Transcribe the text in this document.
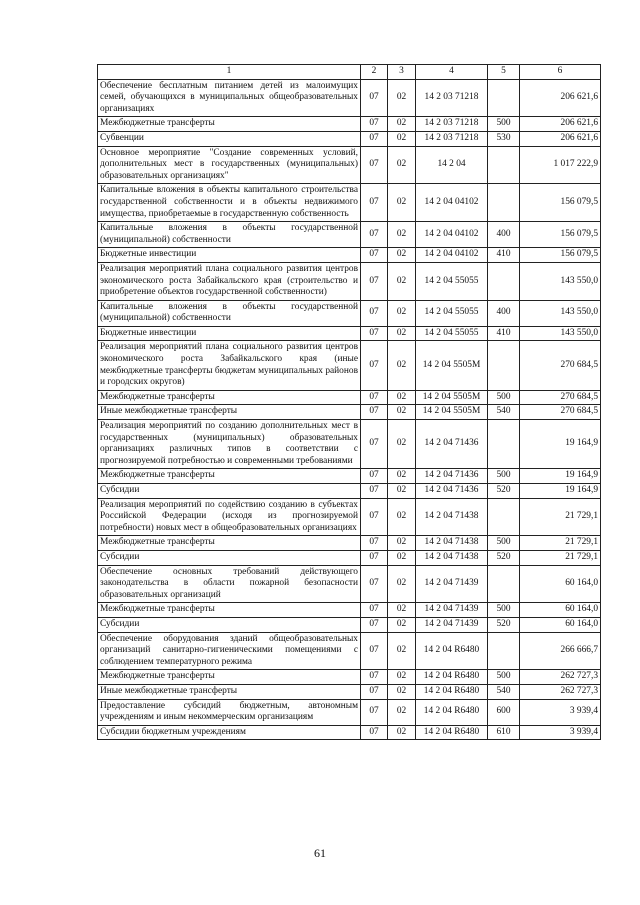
1	2	3	4	5	6
Обеспечение бесплатным питанием детей из малоимущих семей, обучающихся в муниципальных общеобразовательных организациях	07	02	14 2 03 71218		206 621,6
Межбюджетные трансферты	07	02	14 2 03 71218	500	206 621,6
Субвенции	07	02	14 2 03 71218	530	206 621,6
Основное мероприятие "Создание современных условий, дополнительных мест в государственных (муниципальных) образовательных организациях"	07	02	14 2 04		1 017 222,9
Капитальные вложения в объекты капитального строительства государственной собственности и в объекты недвижимого имущества, приобретаемые в государственную собственность	07	02	14 2 04 04102		156 079,5
Капитальные вложения в объекты государственной (муниципальной) собственности	07	02	14 2 04 04102	400	156 079,5
Бюджетные инвестиции	07	02	14 2 04 04102	410	156 079,5
Реализация мероприятий плана социального развития центров экономического роста Забайкальского края (строительство и приобретение объектов государственной собственности)	07	02	14 2 04 55055		143 550,0
Капитальные вложения в объекты государственной (муниципальной) собственности	07	02	14 2 04 55055	400	143 550,0
Бюджетные инвестиции	07	02	14 2 04 55055	410	143 550,0
Реализация мероприятий плана социального развития центров экономического роста Забайкальского края (иные межбюджетные трансферты бюджетам муниципальных районов и городских округов)	07	02	14 2 04 5505М		270 684,5
Межбюджетные трансферты	07	02	14 2 04 5505М	500	270 684,5
Иные межбюджетные трансферты	07	02	14 2 04 5505М	540	270 684,5
Реализация мероприятий по созданию дополнительных мест в государственных (муниципальных) образовательных организациях различных типов в соответствии с прогнозируемой потребностью и современными требованиями	07	02	14 2 04 71436		19 164,9
Межбюджетные трансферты	07	02	14 2 04 71436	500	19 164,9
Субсидии	07	02	14 2 04 71436	520	19 164,9
Реализация мероприятий по содействию созданию в субъектах Российской Федерации (исходя из прогнозируемой потребности) новых мест в общеобразовательных организациях	07	02	14 2 04 71438		21 729,1
Межбюджетные трансферты	07	02	14 2 04 71438	500	21 729,1
Субсидии	07	02	14 2 04 71438	520	21 729,1
Обеспечение основных требований действующего законодательства в области пожарной безопасности образовательных организаций	07	02	14 2 04 71439		60 164,0
Межбюджетные трансферты	07	02	14 2 04 71439	500	60 164,0
Субсидии	07	02	14 2 04 71439	520	60 164,0
Обеспечение оборудования зданий общеобразовательных организаций санитарно-гигиеническими помещениями с соблюдением температурного режима	07	02	14 2 04 R6480		266 666,7
Межбюджетные трансферты	07	02	14 2 04 R6480	500	262 727,3
Иные межбюджетные трансферты	07	02	14 2 04 R6480	540	262 727,3
Предоставление субсидий бюджетным, автономным учреждениям и иным некоммерческим организациям	07	02	14 2 04 R6480	600	3 939,4
Субсидии бюджетным учреждениям	07	02	14 2 04 R6480	610	3 939,4
61
